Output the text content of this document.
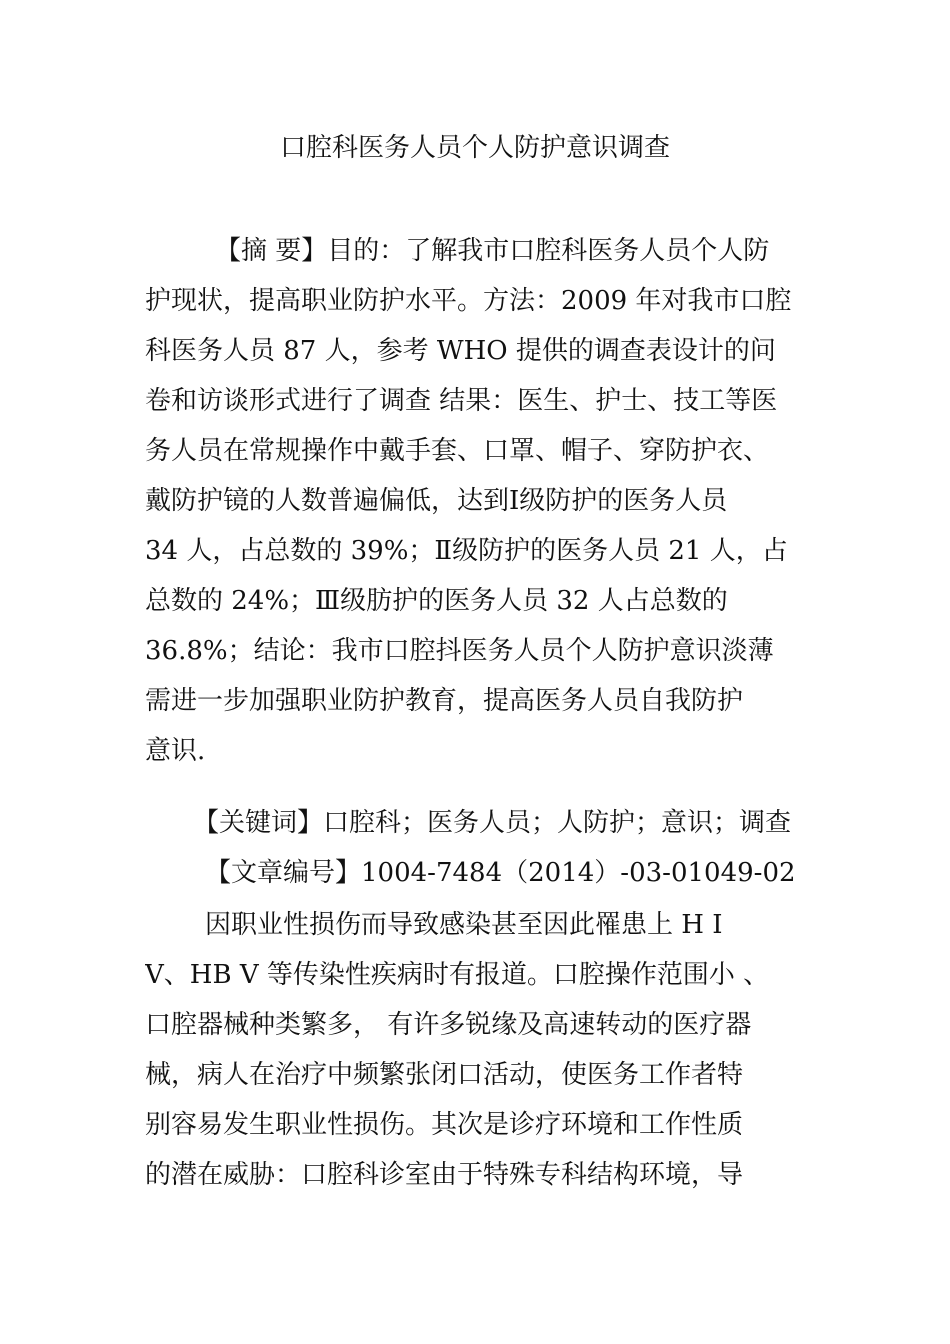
口腔科医务人员个人防护意识调查
【摘 要】目的：了解我市口腔科医务人员个人防
护现状，提高职业防护水平。方法：2009 年对我市口腔
科医务人员 87 人，参考 WHO 提供的调查表设计的问
卷和访谈形式进行了调查 结果：医生、护士、技工等医
务人员在常规操作中戴手套、口罩、帽子、穿防护衣、
戴防护镜的人数普遍偏低，达到Ⅰ级防护的医务人员
34 人，占总数的 39%；Ⅱ级防护的医务人员 21 人，占
总数的 24%；Ⅲ级肪护的医务人员 32 人占总数的
36.8%；结论：我市口腔抖医务人员个人防护意识淡薄
需进一步加强职业防护教育，提高医务人员自我防护
意识.
【关键词】口腔科；医务人员；人防护；意识；调查
【文章编号】1004-7484（2014）-03-01049-02
因职业性损伤而导致感染甚至因此罹患上 H I
V、HB V 等传染性疾病时有报道。口腔操作范围小 、
口腔器械种类繁多， 有许多锐缘及高速转动的医疗器
械，病人在治疗中频繁张闭口活动，使医务工作者特
别容易发生职业性损伤。其次是诊疗环境和工作性质
的潜在威胁：口腔科诊室由于特殊专科结构环境，导
